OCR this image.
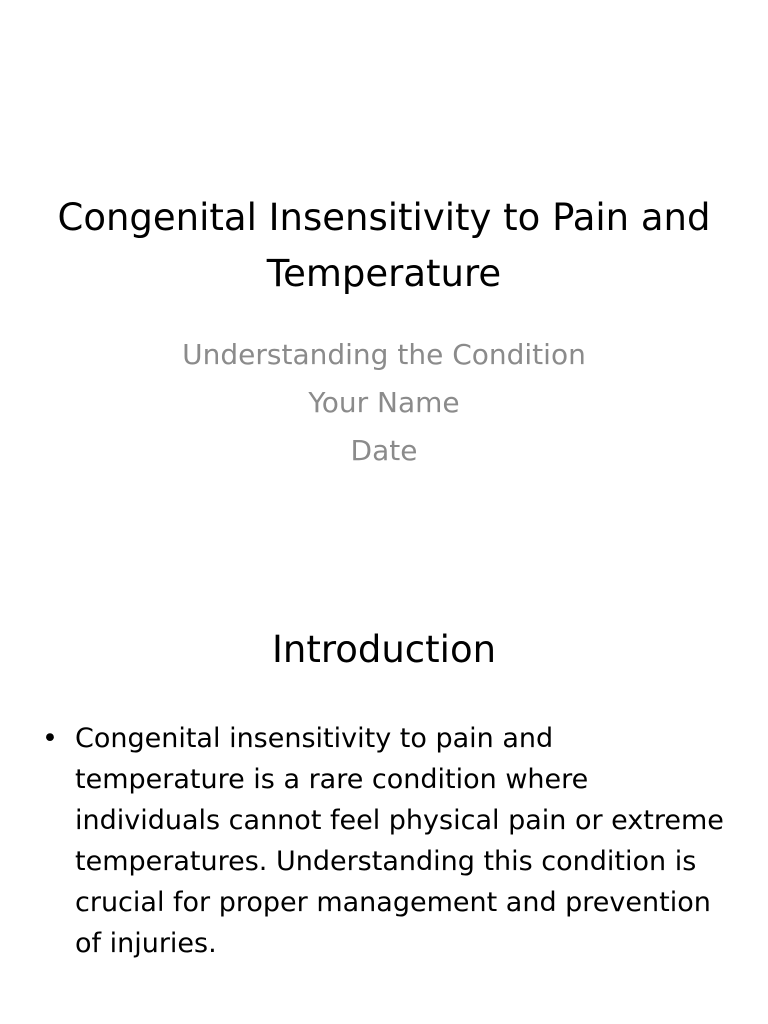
Congenital Insensitivity to Pain and Temperature
Understanding the Condition
Your Name
Date
Introduction
• Congenital insensitivity to pain and temperature is a rare condition where individuals cannot feel physical pain or extreme temperatures. Understanding this condition is crucial for proper management and prevention of injuries.
